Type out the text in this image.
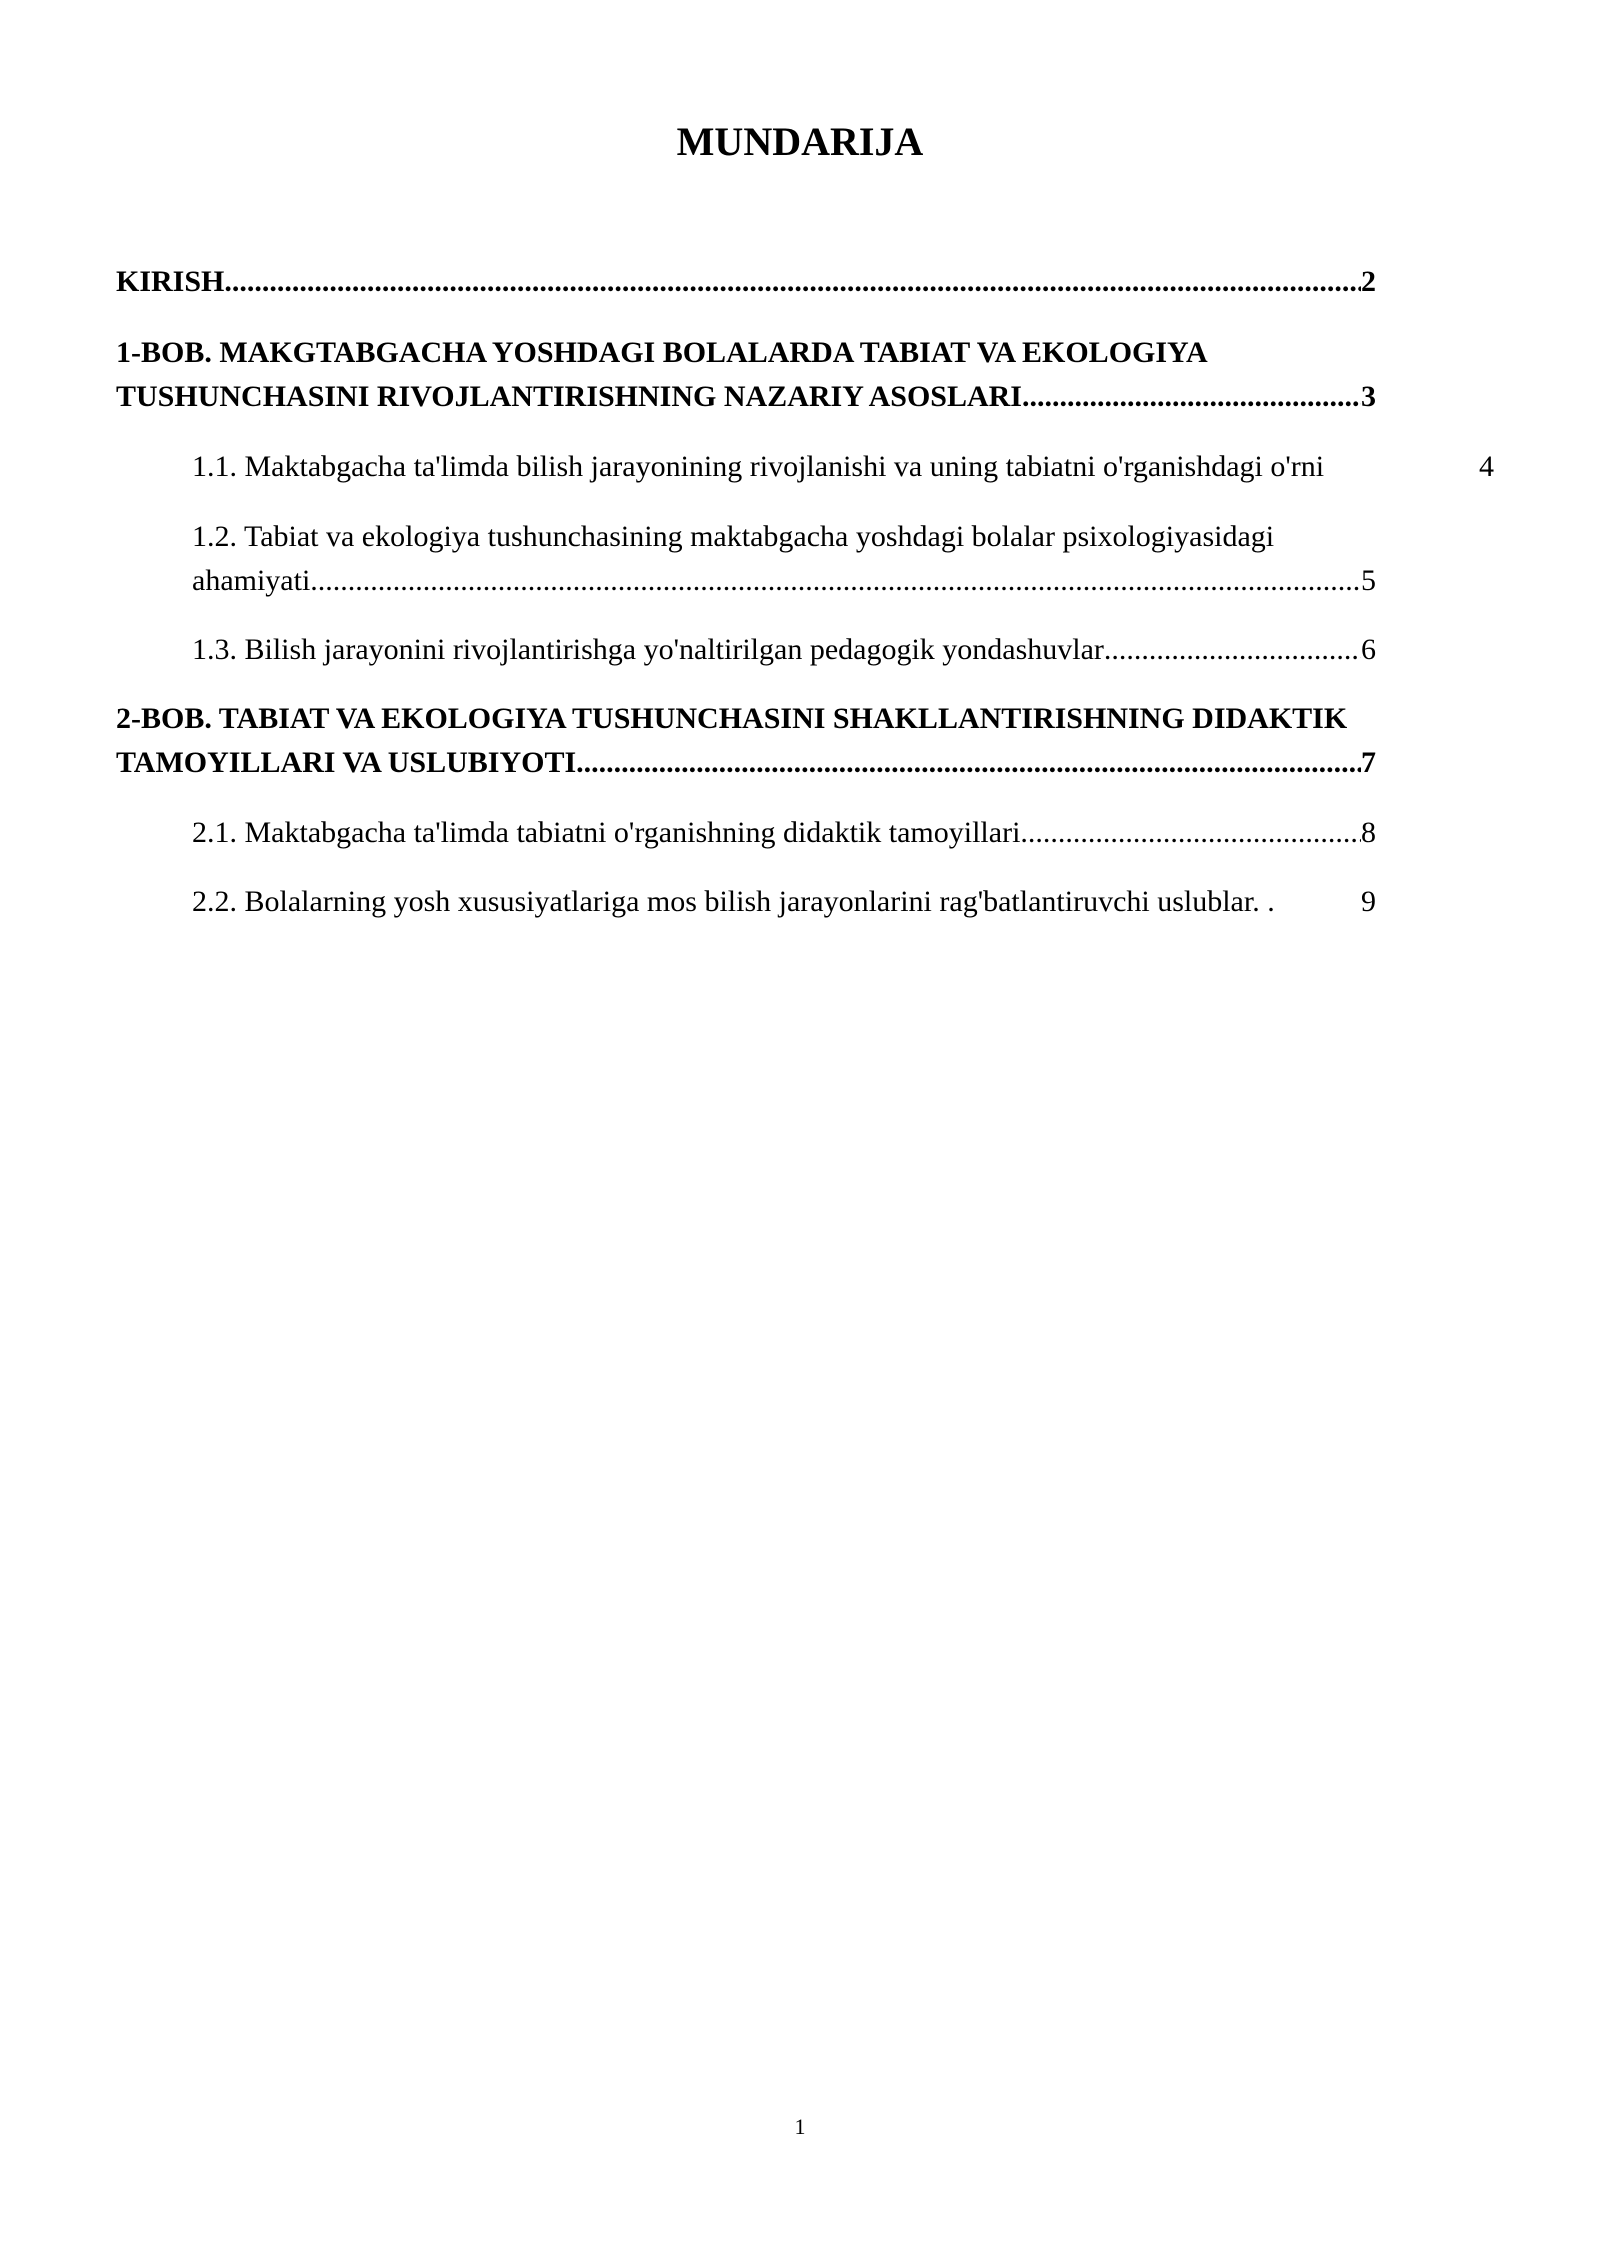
MUNDARIJA
KIRISH .....	2
1-BOB. MAKGTABGACHA YOSHDAGI BOLALARDA TABIAT VA EKOLOGIYA
TUSHUNCHASINI RIVOJLANTIRISHNING NAZARIY ASOSLARI .....	3
1.1. Maktabgacha ta'limda bilish jarayonining rivojlanishi va uning tabiatni o'rganishdagi o'rni	4
1.2. Tabiat va ekologiya tushunchasining maktabgacha yoshdagi bolalar psixologiyasidagi
ahamiyati .....	5
1.3. Bilish jarayonini rivojlantirishga yo'naltirilgan pedagogik yondashuvlar .....	6
2-BOB. TABIAT VA EKOLOGIYA TUSHUNCHASINI SHAKLLANTIRISHNING DIDAKTIK
TAMOYILLARI VA USLUBIYOTI .....	7
2.1. Maktabgacha ta'limda tabiatni o'rganishning didaktik tamoyillari .....	8
2.2. Bolalarning yosh xususiyatlariga mos bilish jarayonlarini rag'batlantiruvchi uslublar. .	9
1
